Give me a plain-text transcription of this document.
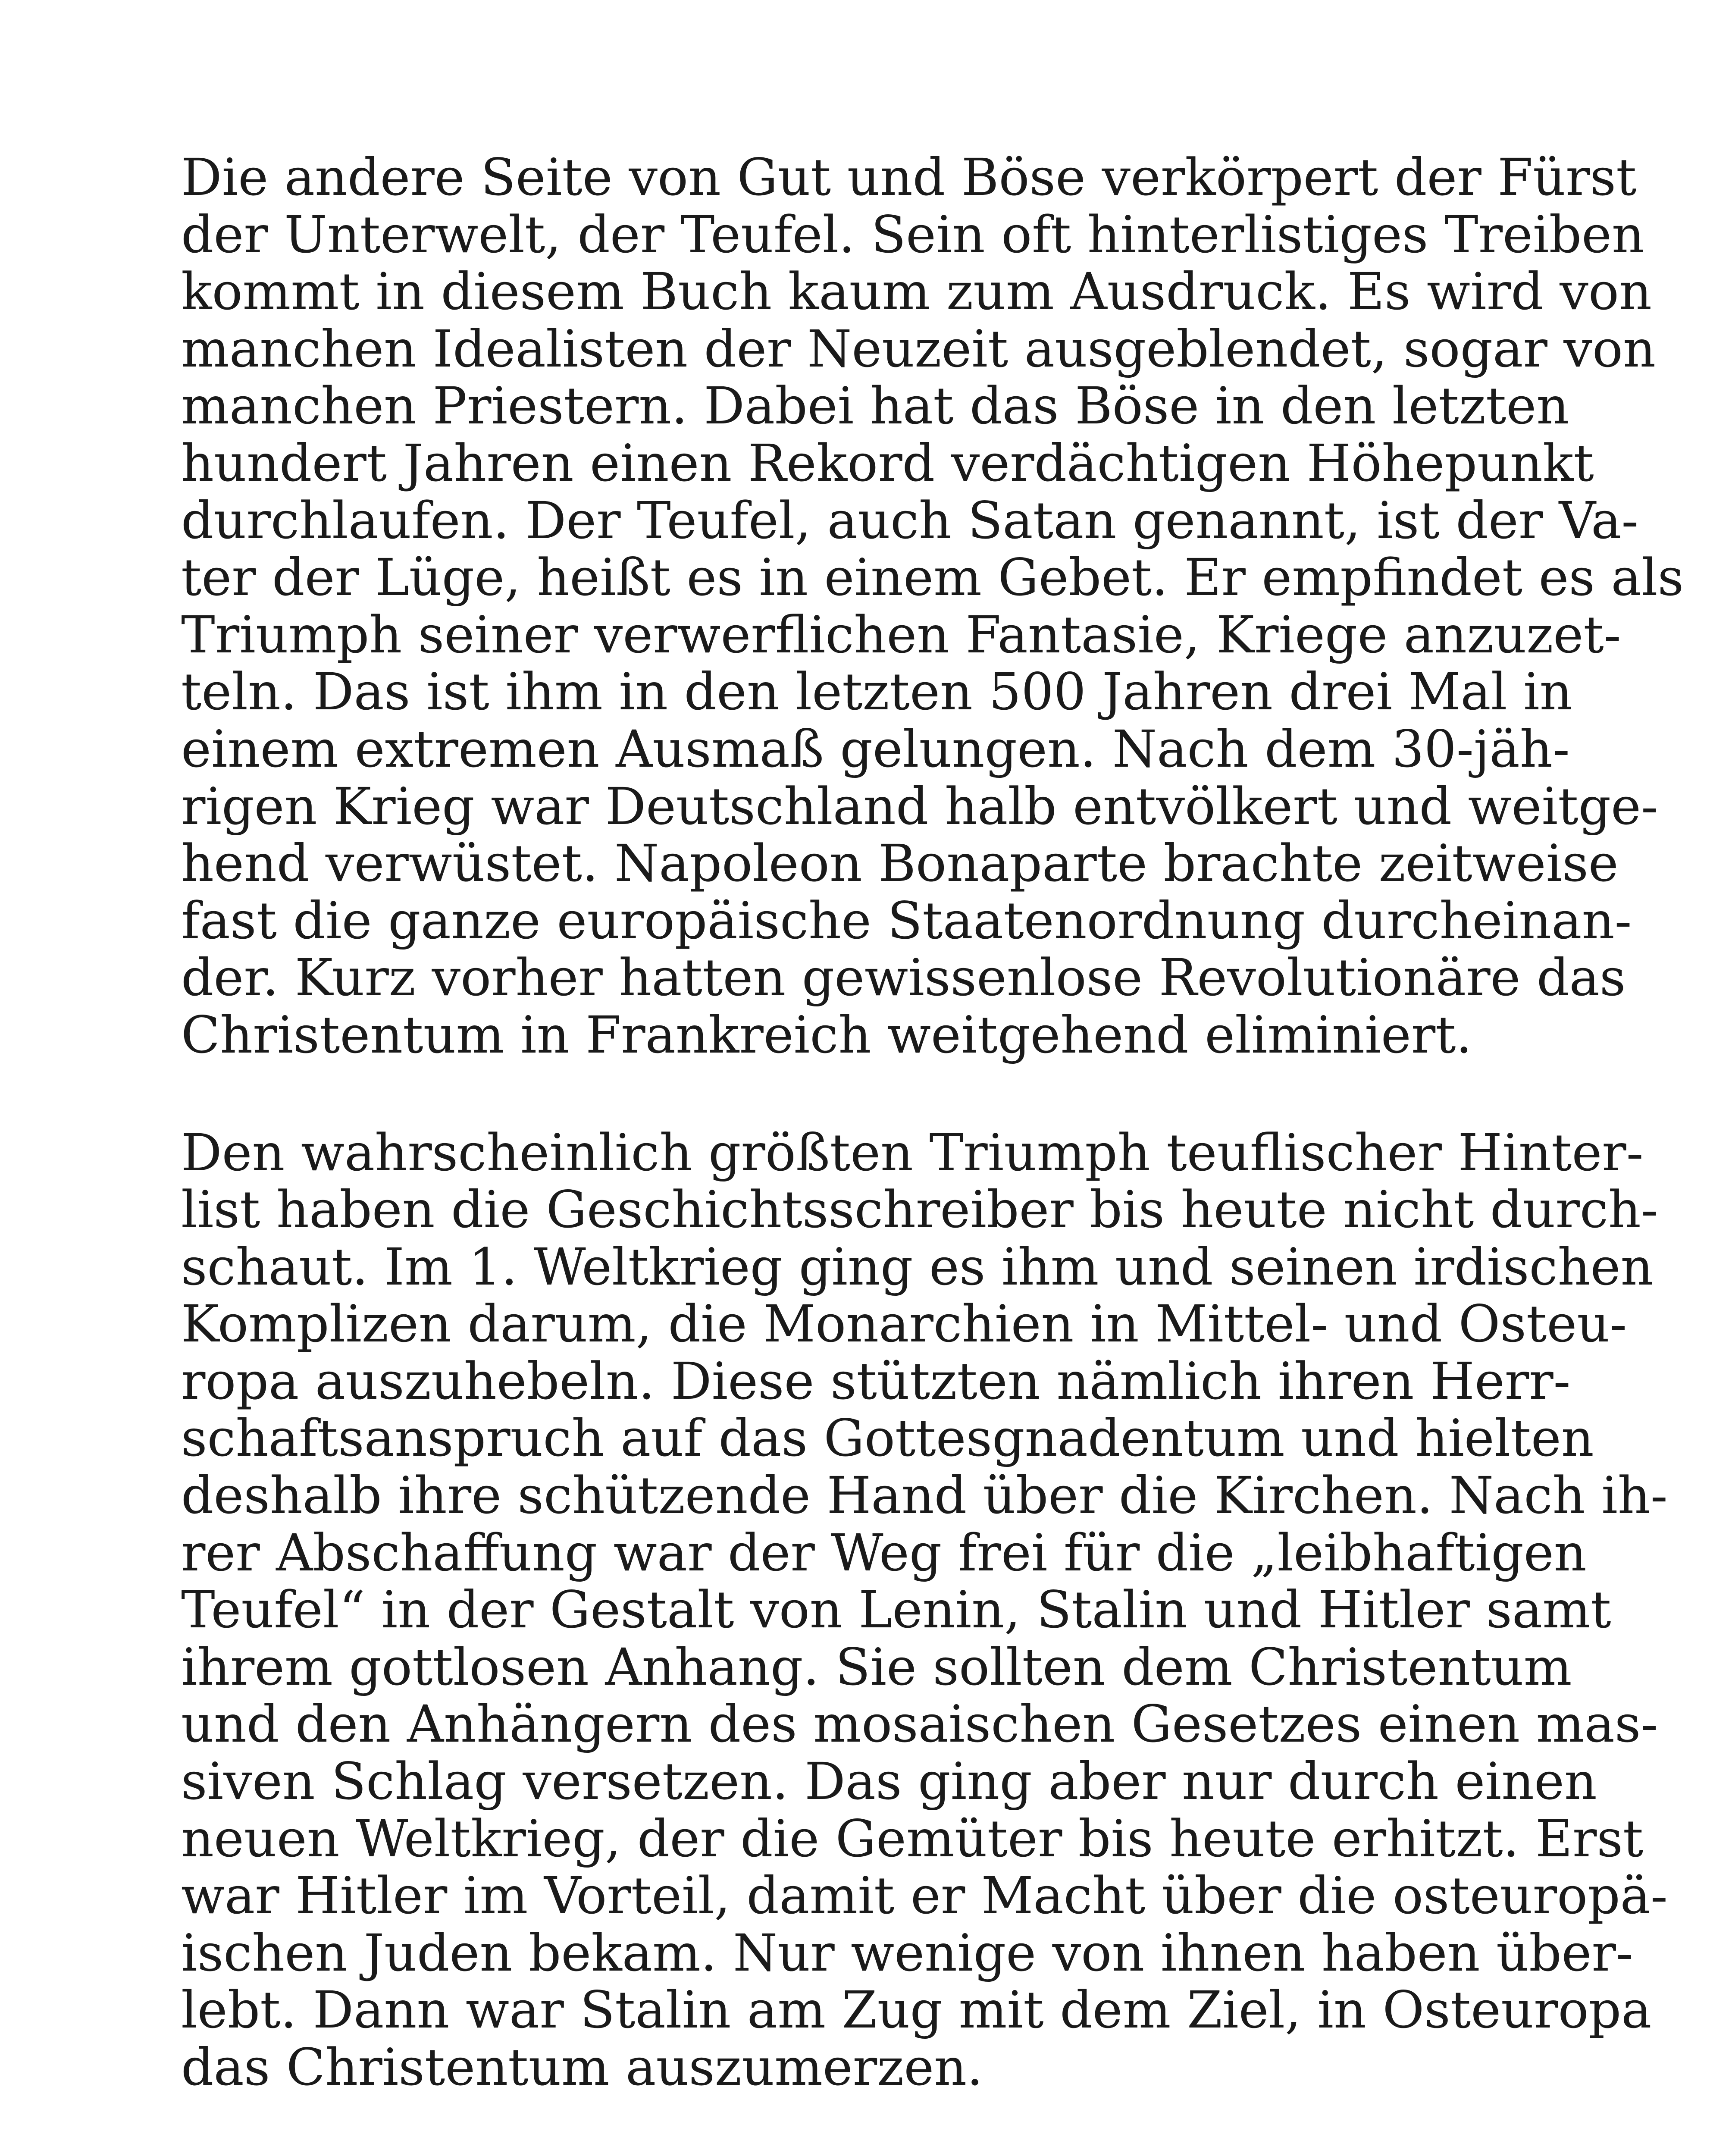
Die andere Seite von Gut und Böse verkörpert der Fürst
der Unterwelt, der Teufel. Sein oft hinterlistiges Treiben
kommt in diesem Buch kaum zum Ausdruck. Es wird von
manchen Idealisten der Neuzeit ausgeblendet, sogar von
manchen Priestern. Dabei hat das Böse in den letzten
hundert Jahren einen Rekord verdächtigen Höhepunkt
durchlaufen. Der Teufel, auch Satan genannt, ist der Va-
ter der Lüge, heißt es in einem Gebet. Er empfindet es als
Triumph seiner verwerflichen Fantasie, Kriege anzuzet-
teln. Das ist ihm in den letzten 500 Jahren drei Mal in
einem extremen Ausmaß gelungen. Nach dem 30-jäh-
rigen Krieg war Deutschland halb entvölkert und weitge-
hend verwüstet. Napoleon Bonaparte brachte zeitweise
fast die ganze europäische Staatenordnung durcheinan-
der. Kurz vorher hatten gewissenlose Revolutionäre das
Christentum in Frankreich weitgehend eliminiert.

Den wahrscheinlich größten Triumph teuflischer Hinter-
list haben die Geschichtsschreiber bis heute nicht durch-
schaut. Im 1. Weltkrieg ging es ihm und seinen irdischen
Komplizen darum, die Monarchien in Mittel- und Osteu-
ropa auszuhebeln. Diese stützten nämlich ihren Herr-
schaftsanspruch auf das Gottesgnadentum und hielten
deshalb ihre schützende Hand über die Kirchen. Nach ih-
rer Abschaffung war der Weg frei für die „leibhaftigen
Teufel“ in der Gestalt von Lenin, Stalin und Hitler samt
ihrem gottlosen Anhang. Sie sollten dem Christentum
und den Anhängern des mosaischen Gesetzes einen mas-
siven Schlag versetzen. Das ging aber nur durch einen
neuen Weltkrieg, der die Gemüter bis heute erhitzt. Erst
war Hitler im Vorteil, damit er Macht über die osteuropä-
ischen Juden bekam. Nur wenige von ihnen haben über-
lebt. Dann war Stalin am Zug mit dem Ziel, in Osteuropa
das Christentum auszumerzen.
